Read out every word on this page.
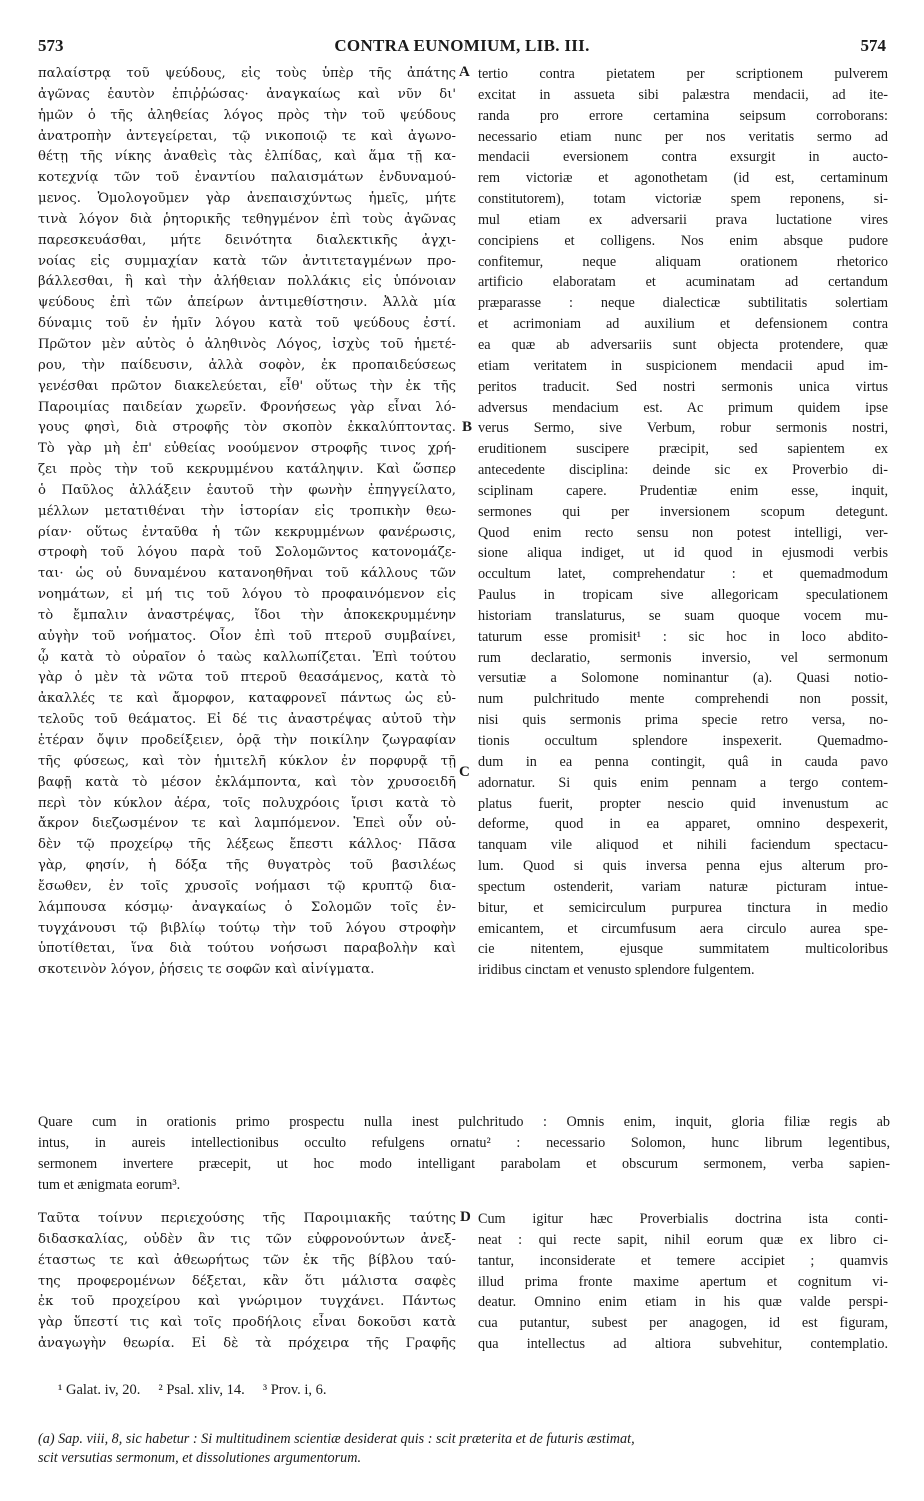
573	CONTRA EUNOMIUM, LIB. III.	574
παλαίστρᾳ τοῦ ψεύδους, εἰς τοὺς ὑπὲρ τῆς ἀπάτης
ἀγῶνας ἑαυτὸν ἐπιῤῥώσας· ἀναγκαίως καὶ νῦν δι'
ἡμῶν ὁ τῆς ἀληθείας λόγος πρὸς τὴν τοῦ ψεύδους
ἀνατροπὴν ἀντεγείρεται, τῷ νικοποιῷ τε καὶ ἀγωνο-
θέτῃ τῆς νίκης ἀναθεὶς τὰς ἐλπίδας, καὶ ἅμα τῇ κα-
κοτεχνίᾳ τῶν τοῦ ἐναντίου παλαισμάτων ἐνδυναμού-
μενος. Ὁμολογοῦμεν γὰρ ἀνεπαισχύντως ἡμεῖς, μήτε
τινὰ λόγον διὰ ῥητορικῆς τεθηγμένον ἐπὶ τοὺς ἀγῶνας
παρεσκευάσθαι, μήτε δεινότητα διαλεκτικῆς ἀγχι-
νοίας εἰς συμμαχίαν κατὰ τῶν ἀντιτεταγμένων προ-
βάλλεσθαι, ἣ καὶ τὴν ἀλήθειαν πολλάκις εἰς ὑπόνοιαν
ψεύδους ἐπὶ τῶν ἀπείρων ἀντιμεθίστησιν. Ἀλλὰ μία
δύναμις τοῦ ἐν ἡμῖν λόγου κατὰ τοῦ ψεύδους ἐστί.
Πρῶτον μὲν αὐτὸς ὁ ἀληθινὸς Λόγος, ἰσχὺς τοῦ ἡμετέ-
ρου, τὴν παίδευσιν, ἀλλὰ σοφὸν, ἐκ προπαιδεύσεως
γενέσθαι πρῶτον διακελεύεται, εἶθ' οὕτως τὴν ἐκ τῆς
Παροιμίας παιδείαν χωρεῖν. Φρονήσεως γὰρ εἶναι λό-
γους φησὶ, διὰ στροφῆς τὸν σκοπὸν ἐκκαλύπτοντας.
Τὸ γὰρ μὴ ἐπ' εὐθείας νοούμενον στροφῆς τινος χρή-
ζει πρὸς τὴν τοῦ κεκρυμμένου κατάληψιν. Καὶ ὥσπερ
ὁ Παῦλος ἀλλάξειν ἑαυτοῦ τὴν φωνὴν ἐπηγγείλατο,
μέλλων μετατιθέναι τὴν ἱστορίαν εἰς τροπικὴν θεω-
ρίαν· οὕτως ἐνταῦθα ἡ τῶν κεκρυμμένων φανέρωσις,
στροφὴ τοῦ λόγου παρὰ τοῦ Σολομῶντος κατονομάζε-
ται· ὡς οὐ δυναμένου κατανοηθῆναι τοῦ κάλλους τῶν
νοημάτων, εἰ μή τις τοῦ λόγου τὸ προφαινόμενον εἰς
τὸ ἔμπαλιν ἀναστρέψας, ἴδοι τὴν ἀποκεκρυμμένην
αὐγὴν τοῦ νοήματος. Οἷον ἐπὶ τοῦ πτεροῦ συμβαίνει,
ᾧ κατὰ τὸ οὐραῖον ὁ ταὼς καλλωπίζεται. Ἐπὶ τούτου
γὰρ ὁ μὲν τὰ νῶτα τοῦ πτεροῦ θεασάμενος, κατὰ τὸ
ἀκαλλές τε καὶ ἄμορφον, καταφρονεῖ πάντως ὡς εὐ-
τελοῦς τοῦ θεάματος. Εἰ δέ τις ἀναστρέψας αὐτοῦ τὴν
ἑτέραν ὄψιν προδείξειεν, ὁρᾷ τὴν ποικίλην ζωγραφίαν
τῆς φύσεως, καὶ τὸν ἡμιτελῆ κύκλον ἐν πορφυρᾷ τῇ
βαφῇ κατὰ τὸ μέσον ἐκλάμποντα, καὶ τὸν χρυσοειδῆ
περὶ τὸν κύκλον ἀέρα, τοῖς πολυχρόοις ἴρισι κατὰ τὸ
ἄκρον διεζωσμένον τε καὶ λαμπόμενον. Ἐπεὶ οὖν οὐ-
δὲν τῷ προχείρῳ τῆς λέξεως ἔπεστι κάλλος· Πᾶσα
γὰρ, φησίν, ἡ δόξα τῆς θυγατρὸς τοῦ βασιλέως
ἔσωθεν, ἐν τοῖς χρυσοῖς νοήμασι τῷ κρυπτῷ δια-
λάμπουσα κόσμῳ· ἀναγκαίως ὁ Σολομῶν τοῖς ἐν-
τυγχάνουσι τῷ βιβλίῳ τούτῳ τὴν τοῦ λόγου στροφὴν
ὑποτίθεται, ἵνα διὰ τούτου νοήσωσι παραβολὴν καὶ
σκοτεινὸν λόγον, ῥήσεις τε σοφῶν καὶ αἰνίγματα.
tertio contra pietatem per scriptionem pulverem
excitat in assueta sibi palæstra mendacii, ad ite-
randa pro errore certamina seipsum corroborans:
necessario etiam nunc per nos veritatis sermo ad
mendacii eversionem contra exsurgit in aucto-
rem victoriæ et agonothetam (id est, certaminum
constitutorem), totam victoriæ spem reponens, si-
mul etiam ex adversarii prava luctatione vires
concipiens et colligens. Nos enim absque pudore
confitemur, neque aliquam orationem rhetorico
artificio elaboratam et acuminatam ad certandum
præparasse : neque dialecticæ subtilitatis solertiam
et acrimoniam ad auxilium et defensionem contra
ea quæ ab adversariis sunt objecta protendere, quæ
etiam veritatem in suspicionem mendacii apud im-
peritos traducit. Sed nostri sermonis unica virtus
adversus mendacium est. Ac primum quidem ipse
verus Sermo, sive Verbum, robur sermonis nostri,
eruditionem suscipere præcipit, sed sapientem ex
antecedente disciplina: deinde sic ex Proverbio di-
sciplinam capere. Prudentiæ enim esse, inquit,
sermones qui per inversionem scopum detegunt.
Quod enim recto sensu non potest intelligi, ver-
sione aliqua indiget, ut id quod in ejusmodi verbis
occultum latet, comprehendatur : et quemadmodum
Paulus in tropicam sive allegoricam speculationem
historiam translaturus, se suam quoque vocem mu-
taturum esse promisit¹ : sic hoc in loco abdito-
rum declaratio, sermonis inversio, vel sermonum
versutiæ a Solomone nominantur (a). Quasi notio-
num pulchritudo mente comprehendi non possit,
nisi quis sermonis prima specie retro versa, no-
tionis occultum splendore inspexerit. Quemadmo-
dum in ea penna contingit, quâ in cauda pavo
adornatur. Si quis enim pennam a tergo contem-
platus fuerit, propter nescio quid invenustum ac
deforme, quod in ea apparet, omnino despexerit,
tanquam vile aliquod et nihili faciendum spectacu-
lum. Quod si quis inversa penna ejus alterum pro-
spectum ostenderit, variam naturæ picturam intue-
bitur, et semicirculum purpurea tinctura in medio
emicantem, et circumfusum aera circulo aurea spe-
cie nitentem, ejusque summitatem multicoloribus
iridibus cinctam et venusto splendore fulgentem.
A
B
C
D
Quare cum in orationis primo prospectu nulla inest pulchritudo : Omnis enim, inquit, gloria filiæ regis ab
intus, in aureis intellectionibus occulto refulgens ornatu² : necessario Solomon, hunc librum legentibus,
sermonem invertere præcepit, ut hoc modo intelligant parabolam et obscurum sermonem, verba sapien-
tum et ænigmata eorum³.
Ταῦτα τοίνυν περιεχούσης τῆς Παροιμιακῆς ταύτης
διδασκαλίας, οὐδὲν ἂν τις τῶν εὐφρονούντων ἀνεξ-
έταστως τε καὶ ἀθεωρήτως τῶν ἐκ τῆς βίβλου ταύ-
της προφερομένων δέξεται, κἂν ὅτι μάλιστα σαφὲς
ἐκ τοῦ προχείρου καὶ γνώριμον τυγχάνει. Πάντως
γὰρ ὕπεστί τις καὶ τοῖς προδήλοις εἶναι δοκοῦσι κατὰ
ἀναγωγὴν θεωρία. Εἰ δὲ τὰ πρόχειρα τῆς Γραφῆς
Cum igitur hæc Proverbialis doctrina ista conti-
neat : qui recte sapit, nihil eorum quæ ex libro ci-
tantur, inconsiderate et temere accipiet ; quamvis
illud prima fronte maxime apertum et cognitum vi-
deatur. Omnino enim etiam in his quæ valde perspi-
cua putantur, subest per anagogen, id est figuram,
qua intellectus ad altiora subvehitur, contemplatio.
¹ Galat. iv, 20. ² Psal. xliv, 14. ³ Prov. i, 6.
(a) Sap. viii, 8, sic habetur : Si multitudinem scientiæ desiderat quis : scit præterita et de futuris æstimat,
scit versutias sermonum, et dissolutiones argumentorum.
